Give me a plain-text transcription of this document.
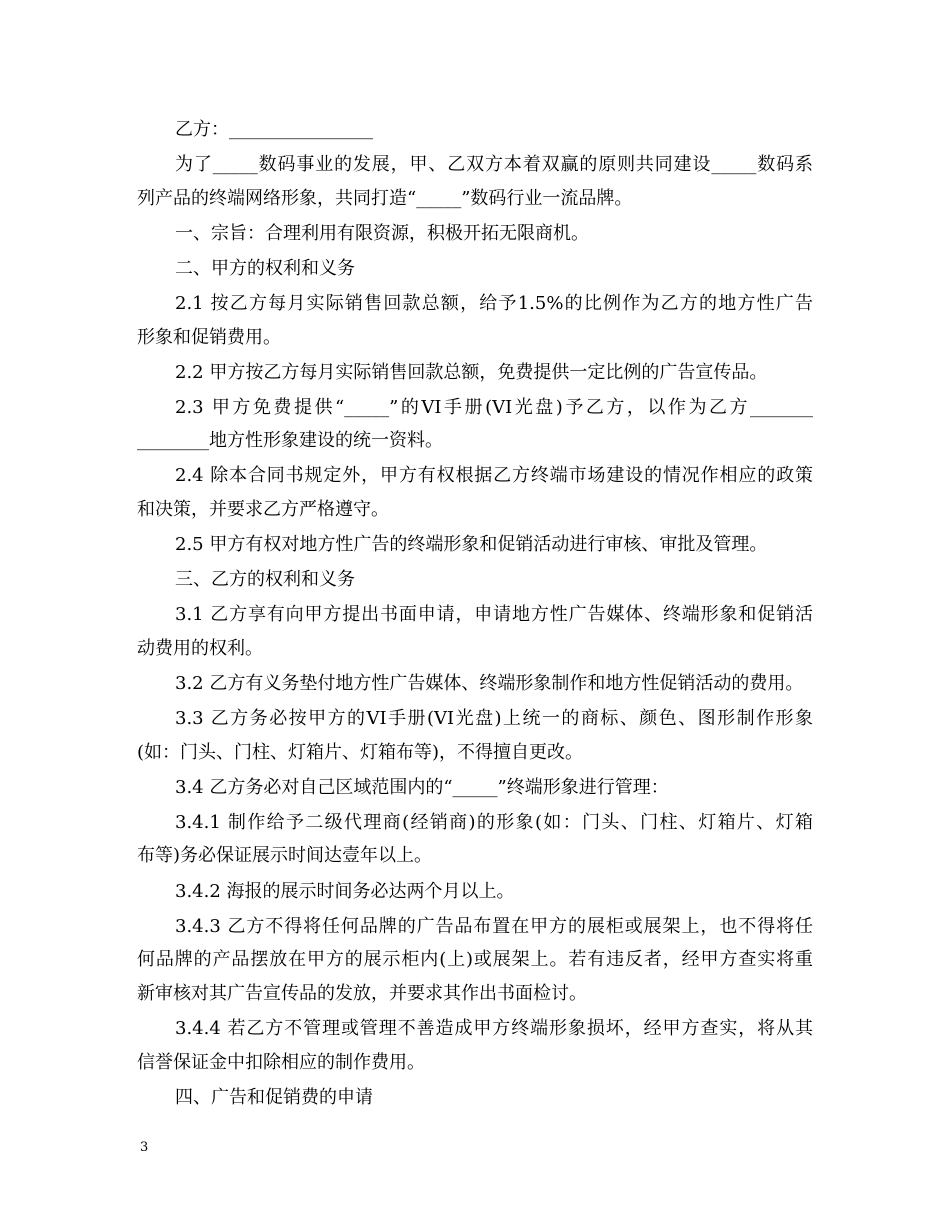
乙方：________________
为了_____数码事业的发展，甲、乙双方本着双赢的原则共同建设_____数码系
列产品的终端网络形象，共同打造“_____”数码行业一流品牌。
一、宗旨：合理利用有限资源，积极开拓无限商机。
二、甲方的权利和义务
2.1 按乙方每月实际销售回款总额，给予1.5%的比例作为乙方的地方性广告
形象和促销费用。
2.2 甲方按乙方每月实际销售回款总额，免费提供一定比例的广告宣传品。
2.3 甲方免费提供“_____”的VI手册(VI光盘)予乙方，以作为乙方_______
________地方性形象建设的统一资料。
2.4 除本合同书规定外，甲方有权根据乙方终端市场建设的情况作相应的政策
和决策，并要求乙方严格遵守。
2.5 甲方有权对地方性广告的终端形象和促销活动进行审核、审批及管理。
三、乙方的权利和义务
3.1 乙方享有向甲方提出书面申请，申请地方性广告媒体、终端形象和促销活
动费用的权利。
3.2 乙方有义务垫付地方性广告媒体、终端形象制作和地方性促销活动的费用。
3.3 乙方务必按甲方的VI手册(VI光盘)上统一的商标、颜色、图形制作形象
(如：门头、门柱、灯箱片、灯箱布等)，不得擅自更改。
3.4 乙方务必对自己区域范围内的“_____”终端形象进行管理：
3.4.1 制作给予二级代理商(经销商)的形象(如：门头、门柱、灯箱片、灯箱
布等)务必保证展示时间达壹年以上。
3.4.2 海报的展示时间务必达两个月以上。
3.4.3 乙方不得将任何品牌的广告品布置在甲方的展柜或展架上，也不得将任
何品牌的产品摆放在甲方的展示柜内(上)或展架上。若有违反者，经甲方查实将重
新审核对其广告宣传品的发放，并要求其作出书面检讨。
3.4.4 若乙方不管理或管理不善造成甲方终端形象损坏，经甲方查实，将从其
信誉保证金中扣除相应的制作费用。
四、广告和促销费的申请
3
